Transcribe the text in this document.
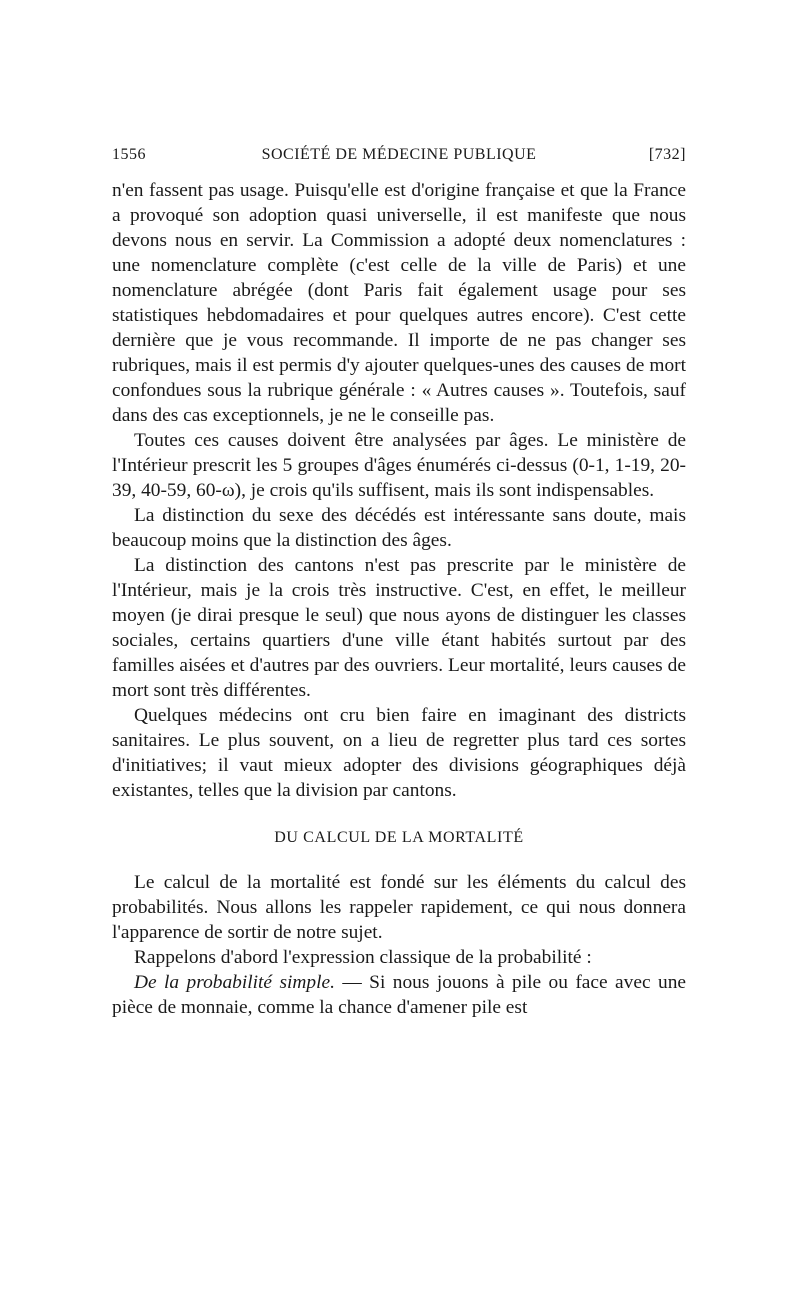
1556	SOCIÉTÉ DE MÉDECINE PUBLIQUE	[732]

n'en fassent pas usage. Puisqu'elle est d'origine française et que la France a provoqué son adoption quasi universelle, il est manifeste que nous devons nous en servir. La Commission a adopté deux nomenclatures : une nomenclature complète (c'est celle de la ville de Paris) et une nomenclature abrégée (dont Paris fait également usage pour ses statistiques hebdomadaires et pour quelques autres encore). C'est cette dernière que je vous recommande. Il importe de ne pas changer ses rubriques, mais il est permis d'y ajouter quelques-unes des causes de mort confondues sous la rubrique générale : « Autres causes ». Toutefois, sauf dans des cas exceptionnels, je ne le conseille pas.

Toutes ces causes doivent être analysées par âges. Le ministère de l'Intérieur prescrit les 5 groupes d'âges énumérés ci-dessus (0-1, 1-19, 20-39, 40-59, 60-ω), je crois qu'ils suffisent, mais ils sont indispensables.

La distinction du sexe des décédés est intéressante sans doute, mais beaucoup moins que la distinction des âges.

La distinction des cantons n'est pas prescrite par le ministère de l'Intérieur, mais je la crois très instructive. C'est, en effet, le meilleur moyen (je dirai presque le seul) que nous ayons de distinguer les classes sociales, certains quartiers d'une ville étant habités surtout par des familles aisées et d'autres par des ouvriers. Leur mortalité, leurs causes de mort sont très différentes.

Quelques médecins ont cru bien faire en imaginant des districts sanitaires. Le plus souvent, on a lieu de regretter plus tard ces sortes d'initiatives; il vaut mieux adopter des divisions géographiques déjà existantes, telles que la division par cantons.

DU CALCUL DE LA MORTALITÉ

Le calcul de la mortalité est fondé sur les éléments du calcul des probabilités. Nous allons les rappeler rapidement, ce qui nous donnera l'apparence de sortir de notre sujet.

Rappelons d'abord l'expression classique de la probabilité :

De la probabilité simple. — Si nous jouons à pile ou face avec une pièce de monnaie, comme la chance d'amener pile est
